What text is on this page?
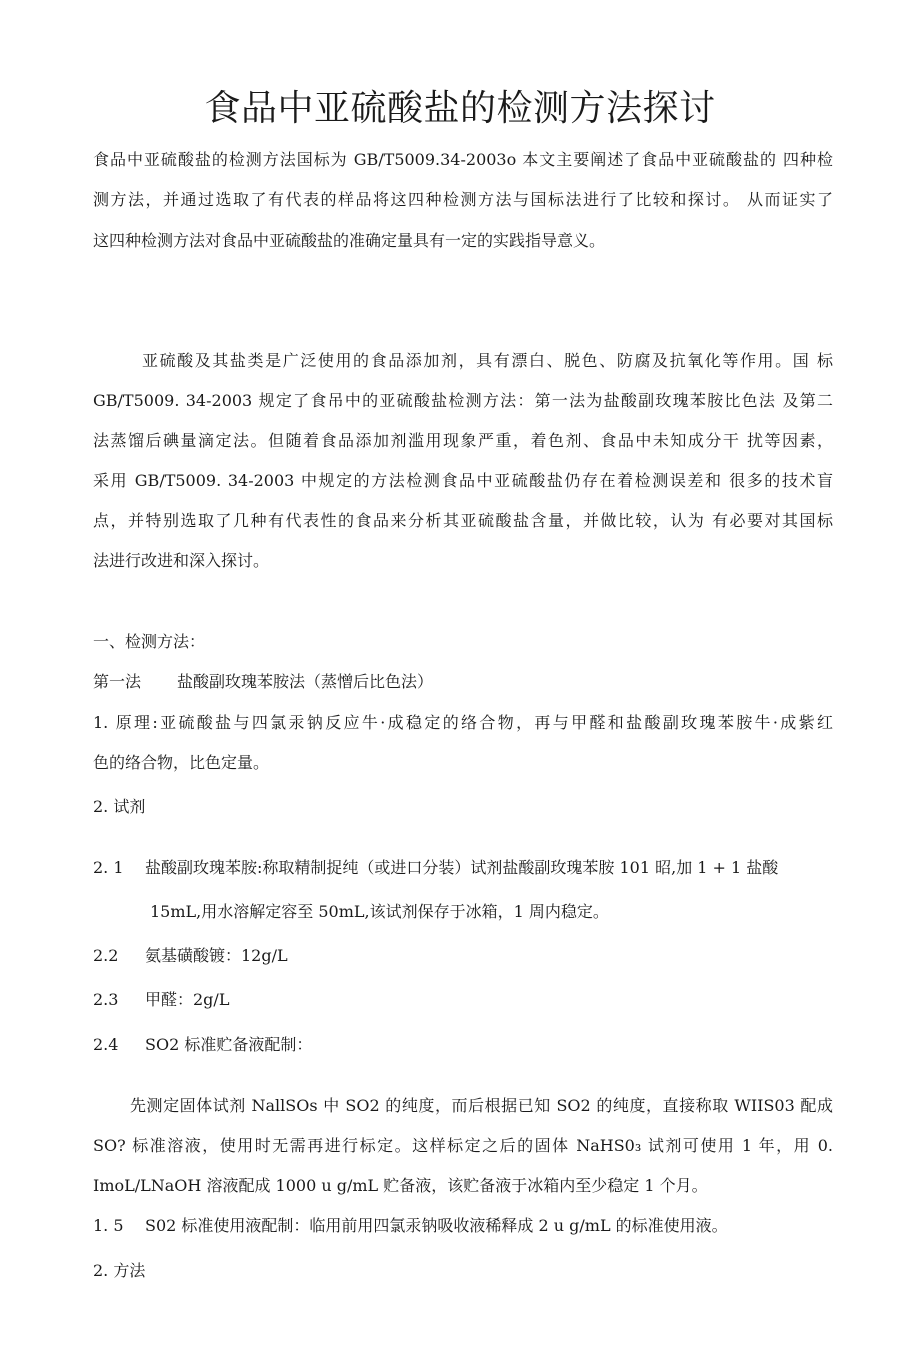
食品中亚硫酸盐的检测方法探讨

食品中亚硫酸盐的检测方法国标为 GB/T5009.34-2003o 本文主要阐述了食品中亚硫酸盐的 四种检

测方法，并通过选取了有代表的样品将这四种检测方法与国标法进行了比较和探讨。 从而证实了

这四种检测方法对食品中亚硫酸盐的准确定量具有一定的实践指导意义。

亚硫酸及其盐类是广泛使用的食品添加剂，具有漂白、脱色、防腐及抗氧化等作用。国 标

GB/T5009. 34-2003 规定了食吊中的亚硫酸盐检测方法：第一法为盐酸副玫瑰苯胺比色法 及第二

法蒸馏后碘量滴定法。但随着食品添加剂滥用现象严重，着色剂、食品中未知成分干 扰等因素，

采用 GB/T5009. 34-2003 中规定的方法检测食品中亚硫酸盐仍存在着检测误差和 很多的技术盲

点，并特别选取了几种有代表性的食品来分析其亚硫酸盐含量，并做比较，认为 有必要对其国标

法进行改进和深入探讨。

一、检测方法：

第一法 盐酸副玫瑰苯胺法（蒸憎后比色法）

1. 原理:亚硫酸盐与四氯汞钠反应牛·成稳定的络合物，再与甲醛和盐酸副玫瑰苯胺牛·成紫红

色的络合物，比色定量。

2. 试剂

2. 1 盐酸副玫瑰苯胺:称取精制捉纯（或进口分装）试剂盐酸副玫瑰苯胺 101 昭,加 1 + 1 盐酸

15mL,用水溶解定容至 50mL,该试剂保存于冰箱，1 周内稳定。

2.2 氨基磺酸镀：12g/L

2.3 甲醛：2g/L

2.4 SO2 标准贮备液配制：

先测定固体试剂 NallSOs 中 SO2 的纯度，而后根据已知 SO2 的纯度，直接称取 WIIS03 配成

SO? 标准溶液，使用时无需再进行标定。这样标定之后的固体 NaHS0₃ 试剂可使用 1 年，用 0.

ImoL/LNaOH 溶液配成 1000 u g/mL 贮备液，该贮备液于冰箱内至少稳定 1 个月。

1. 5 S02 标准使用液配制：临用前用四氯汞钠吸收液稀释成 2 u g/mL 的标准使用液。

2. 方法
